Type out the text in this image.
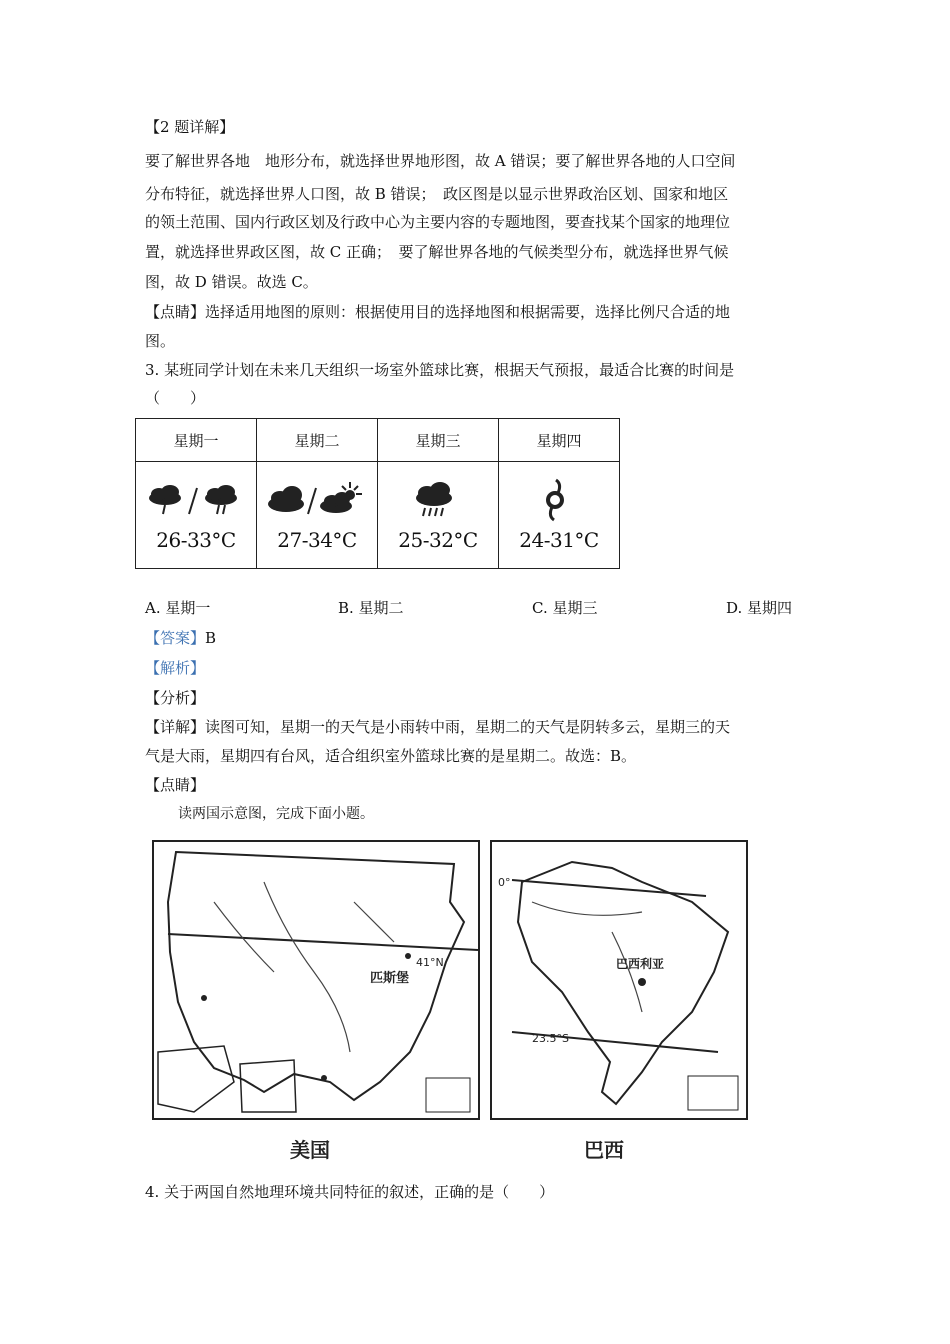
【2 题详解】
要了解世界各地　地形分布，就选择世界地形图，故 A 错误；要了解世界各地的人口空间
分布特征，就选择世界人口图，故 B 错误；　政区图是以显示世界政治区划、国家和地区
的领土范围、国内行政区划及行政中心为主要内容的专题地图，要查找某个国家的地理位
置，就选择世界政区图，故 C 正确；　要了解世界各地的气候类型分布，就选择世界气候
图，故 D 错误。故选 C。
【点睛】选择适用地图的原则：根据使用目的选择地图和根据需要，选择比例尺合适的地
图。
3. 某班同学计划在未来几天组织一场室外篮球比赛，根据天气预报，最适合比赛的时间是
（　　）
星期一	星期二	星期三	星期四

26-33°C	27-34°C	25-32°C	24-31°C
A. 星期一	B. 星期二	C. 星期三	D. 星期四
【答案】B
【解析】
【分析】
【详解】读图可知，星期一的天气是小雨转中雨，星期二的天气是阴转多云，星期三的天
气是大雨，星期四有台风，适合组织室外篮球比赛的是星期二。故选：B。
【点睛】
读两国示意图，完成下面小题。
41°N
匹斯堡
0°
23.5°S
巴西利亚
美国	巴西
4. 关于两国自然地理环境共同特征的叙述，正确的是（　　）
